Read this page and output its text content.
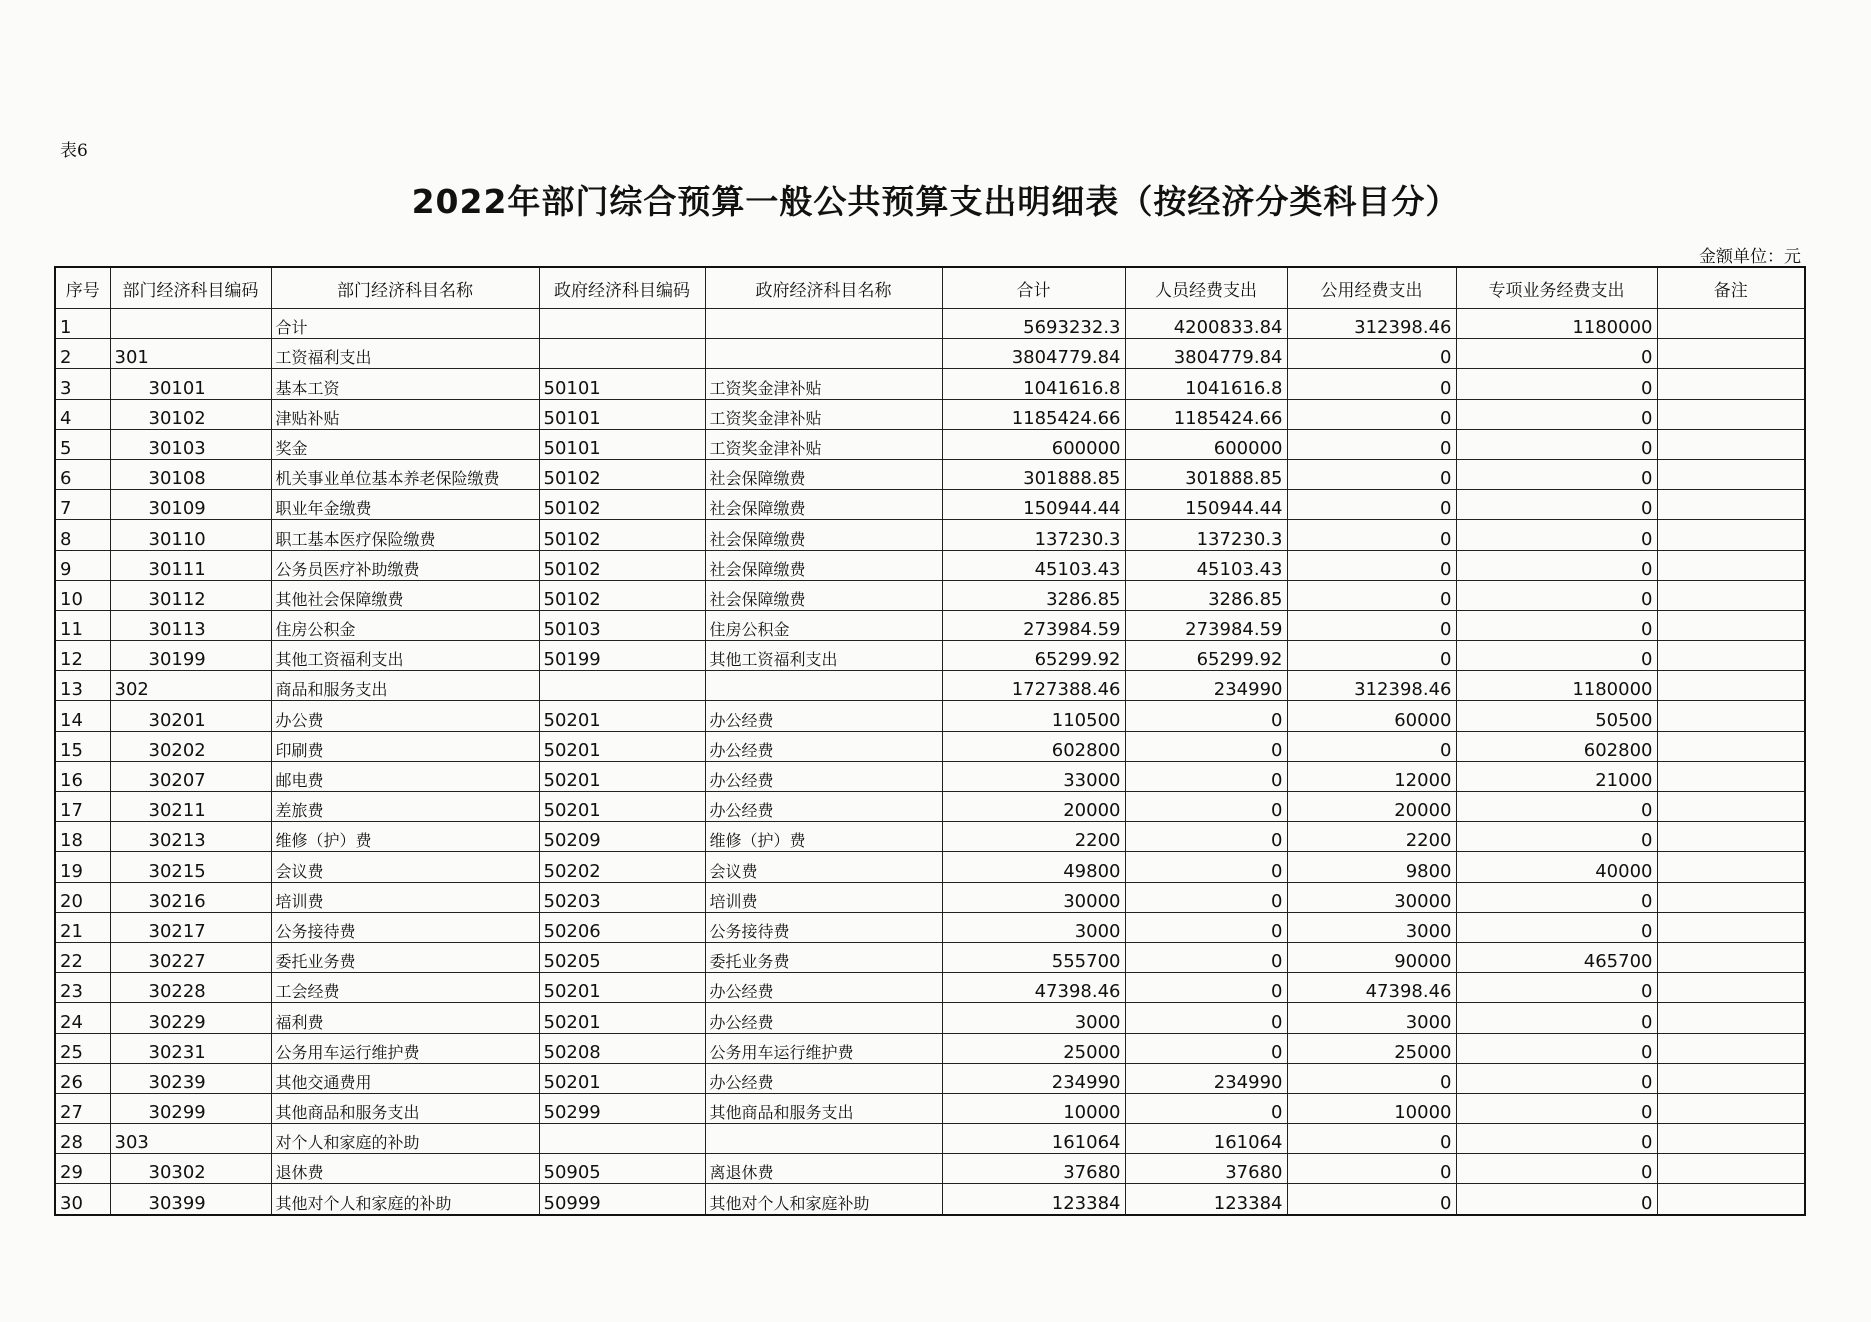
表6
2022年部门综合预算一般公共预算支出明细表（按经济分类科目分）
金额单位：元
序号	部门经济科目编码	部门经济科目名称	政府经济科目编码	政府经济科目名称	合计	人员经费支出	公用经费支出	专项业务经费支出	备注
1		合计			5693232.3	4200833.84	312398.46	1180000	
2	301	工资福利支出			3804779.84	3804779.84	0	0	
3	30101	基本工资	50101	工资奖金津补贴	1041616.8	1041616.8	0	0	
4	30102	津贴补贴	50101	工资奖金津补贴	1185424.66	1185424.66	0	0	
5	30103	奖金	50101	工资奖金津补贴	600000	600000	0	0	
6	30108	机关事业单位基本养老保险缴费	50102	社会保障缴费	301888.85	301888.85	0	0	
7	30109	职业年金缴费	50102	社会保障缴费	150944.44	150944.44	0	0	
8	30110	职工基本医疗保险缴费	50102	社会保障缴费	137230.3	137230.3	0	0	
9	30111	公务员医疗补助缴费	50102	社会保障缴费	45103.43	45103.43	0	0	
10	30112	其他社会保障缴费	50102	社会保障缴费	3286.85	3286.85	0	0	
11	30113	住房公积金	50103	住房公积金	273984.59	273984.59	0	0	
12	30199	其他工资福利支出	50199	其他工资福利支出	65299.92	65299.92	0	0	
13	302	商品和服务支出			1727388.46	234990	312398.46	1180000	
14	30201	办公费	50201	办公经费	110500	0	60000	50500	
15	30202	印刷费	50201	办公经费	602800	0	0	602800	
16	30207	邮电费	50201	办公经费	33000	0	12000	21000	
17	30211	差旅费	50201	办公经费	20000	0	20000	0	
18	30213	维修（护）费	50209	维修（护）费	2200	0	2200	0	
19	30215	会议费	50202	会议费	49800	0	9800	40000	
20	30216	培训费	50203	培训费	30000	0	30000	0	
21	30217	公务接待费	50206	公务接待费	3000	0	3000	0	
22	30227	委托业务费	50205	委托业务费	555700	0	90000	465700	
23	30228	工会经费	50201	办公经费	47398.46	0	47398.46	0	
24	30229	福利费	50201	办公经费	3000	0	3000	0	
25	30231	公务用车运行维护费	50208	公务用车运行维护费	25000	0	25000	0	
26	30239	其他交通费用	50201	办公经费	234990	234990	0	0	
27	30299	其他商品和服务支出	50299	其他商品和服务支出	10000	0	10000	0	
28	303	对个人和家庭的补助			161064	161064	0	0	
29	30302	退休费	50905	离退休费	37680	37680	0	0	
30	30399	其他对个人和家庭的补助	50999	其他对个人和家庭补助	123384	123384	0	0	
